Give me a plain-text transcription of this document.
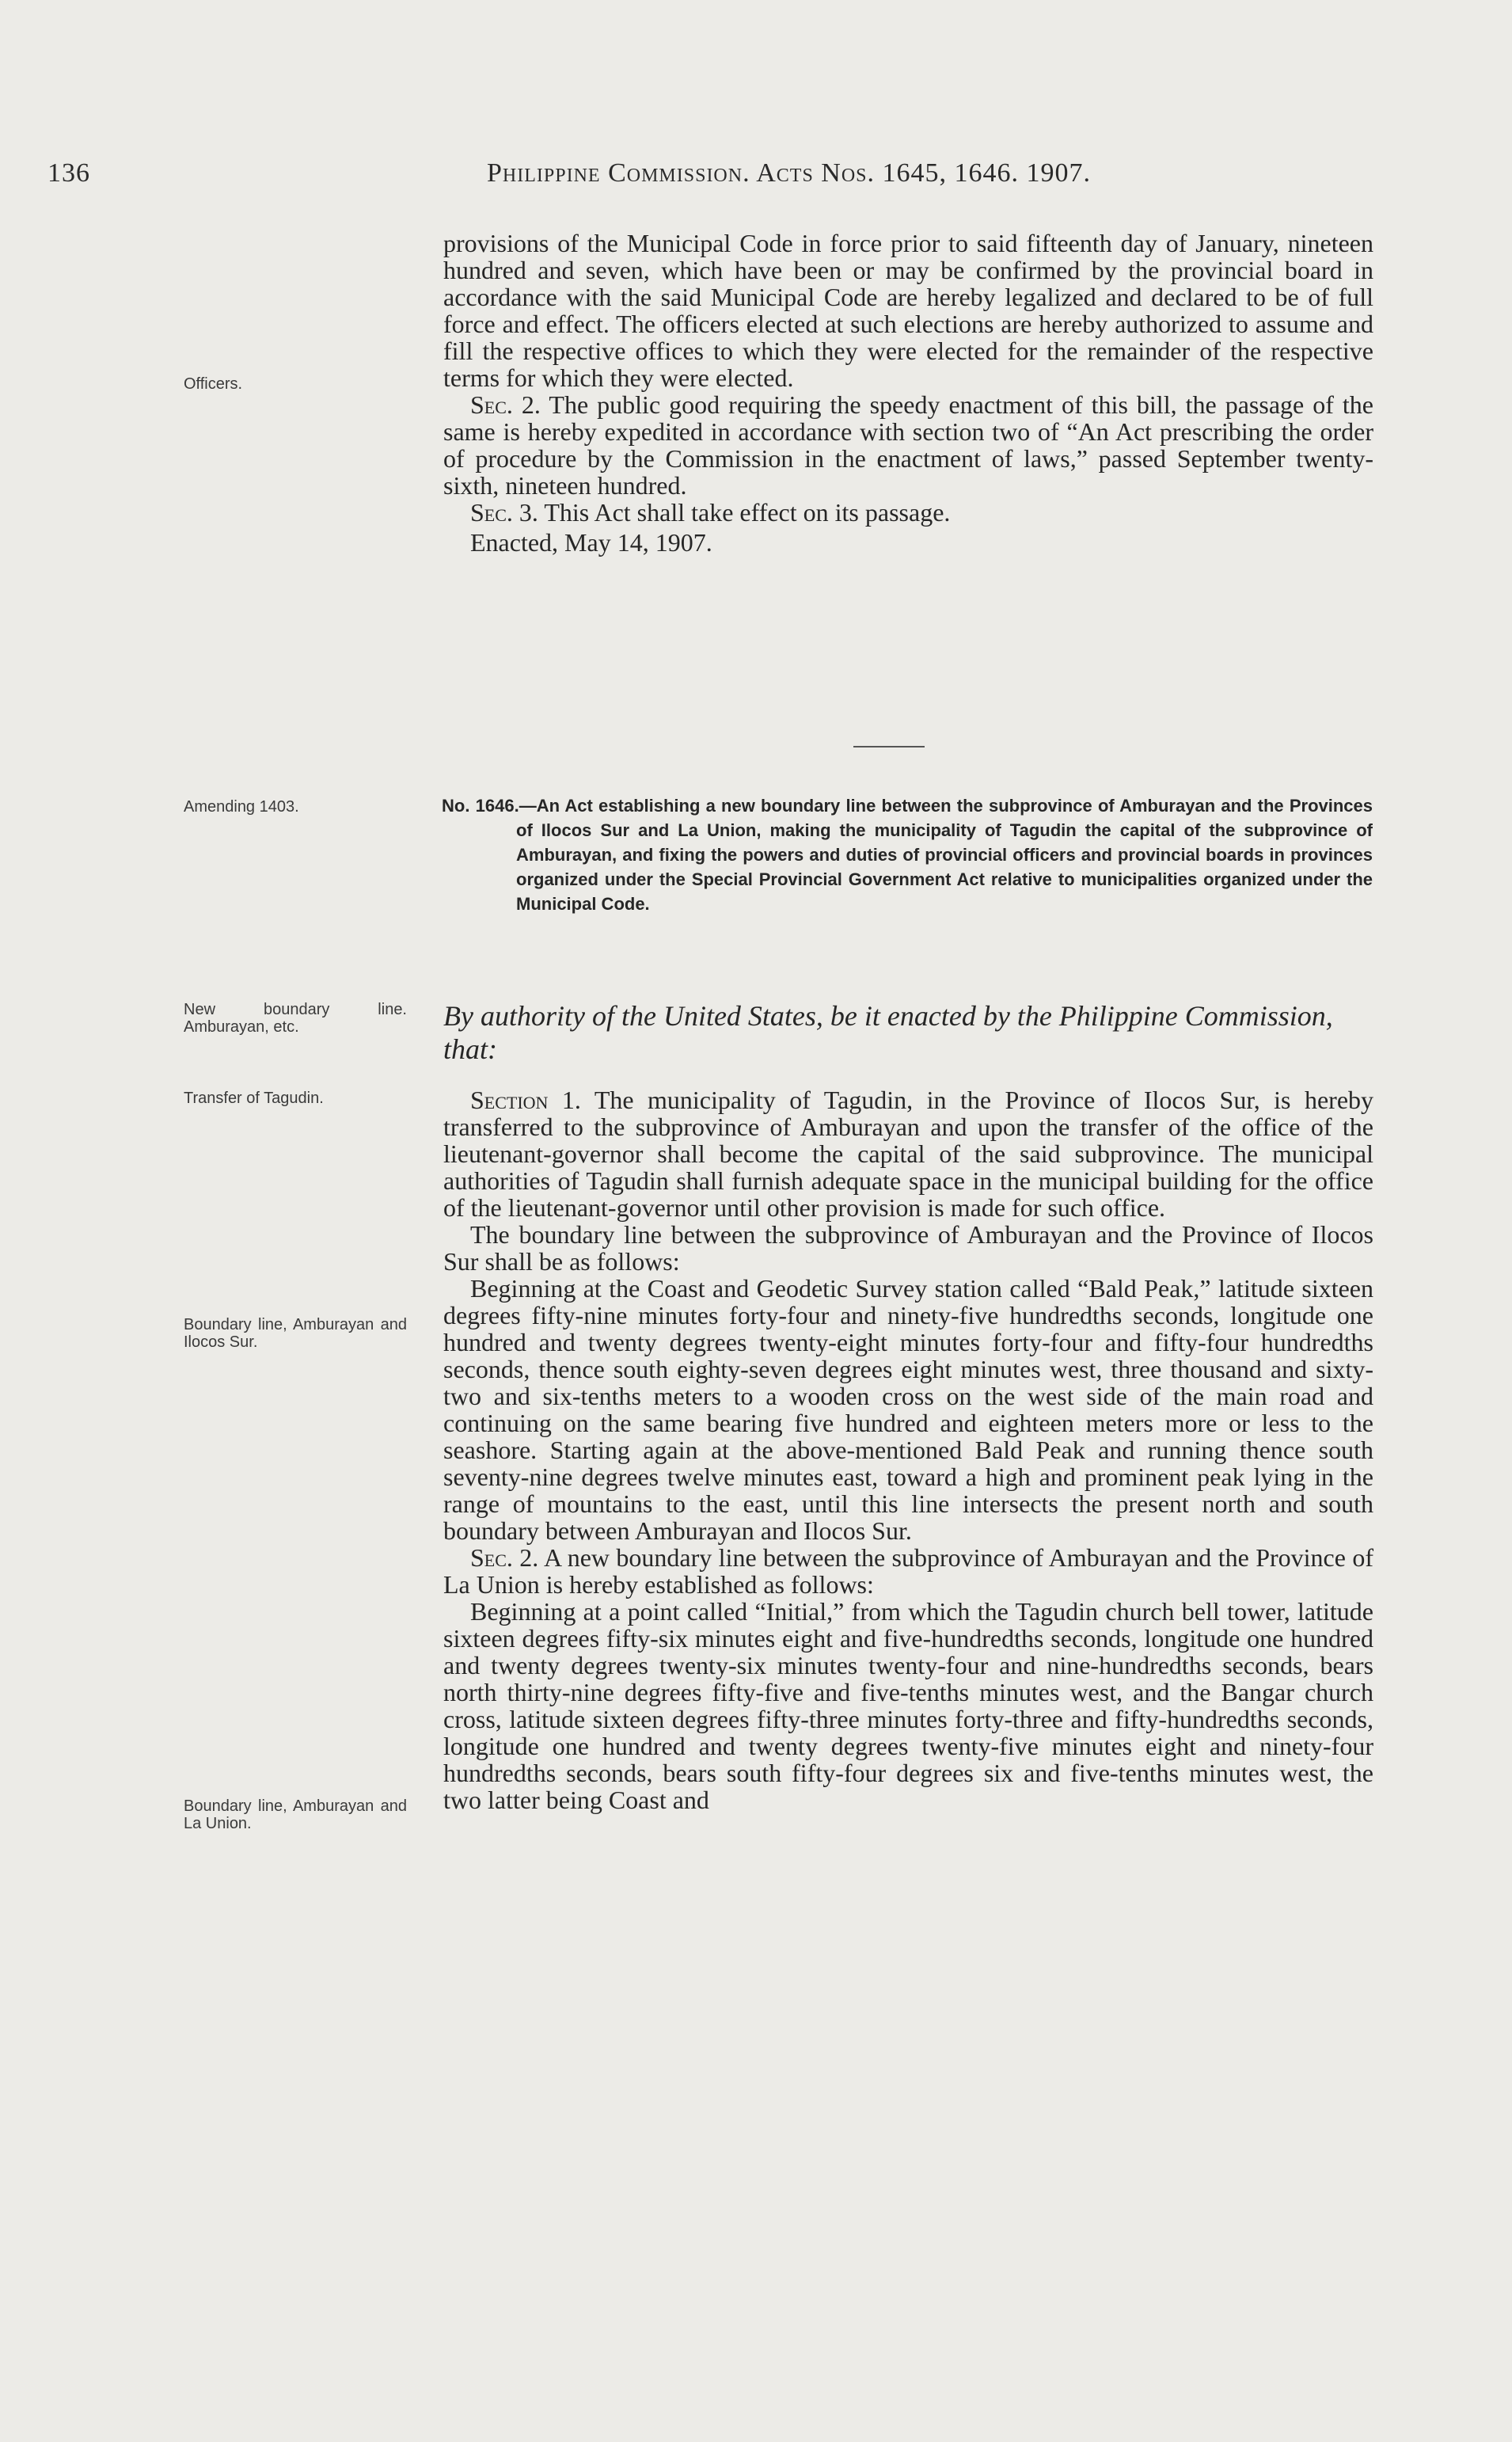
136	Philippine Commission. Acts Nos. 1645, 1646. 1907.

provisions of the Municipal Code in force prior to said fifteenth day of January, nineteen hundred and seven, which have been or may be confirmed by the provincial board in accordance with the said Municipal Code are hereby legalized and declared to be of full force and effect. The officers elected at such elections are hereby authorized to assume and fill the respective offices to which they were elected for the remainder of the respective terms for which they were elected.

Sec. 2. The public good requiring the speedy enactment of this bill, the passage of the same is hereby expedited in accordance with section two of “An Act prescribing the order of procedure by the Commission in the enactment of laws,” passed September twenty-sixth, nineteen hundred.

Sec. 3. This Act shall take effect on its passage.

Enacted, May 14, 1907.

Officers.
Amending 1403.	No. 1646.—An Act establishing a new boundary line between the subprovince of Amburayan and the Provinces of Ilocos Sur and La Union, making the municipality of Tagudin the capital of the subprovince of Amburayan, and fixing the powers and duties of provincial officers and provincial boards in provinces organized under the Special Provincial Government Act relative to municipalities organized under the Municipal Code.
New boundary line. Amburayan, etc.	By authority of the United States, be it enacted by the Philippine Commission, that:
Transfer of Tagudin.
Boundary line, Amburayan and Ilocos Sur.
Boundary line, Amburayan and La Union.

Section 1. The municipality of Tagudin, in the Province of Ilocos Sur, is hereby transferred to the subprovince of Amburayan and upon the transfer of the office of the lieutenant-governor shall become the capital of the said subprovince. The municipal authorities of Tagudin shall furnish adequate space in the municipal building for the office of the lieutenant-governor until other provision is made for such office.

The boundary line between the subprovince of Amburayan and the Province of Ilocos Sur shall be as follows:

Beginning at the Coast and Geodetic Survey station called “Bald Peak,” latitude sixteen degrees fifty-nine minutes forty-four and ninety-five hundredths seconds, longitude one hundred and twenty degrees twenty-eight minutes forty-four and fifty-four hundredths seconds, thence south eighty-seven degrees eight minutes west, three thousand and sixty-two and six-tenths meters to a wooden cross on the west side of the main road and continuing on the same bearing five hundred and eighteen meters more or less to the seashore. Starting again at the above-mentioned Bald Peak and running thence south seventy-nine degrees twelve minutes east, toward a high and prominent peak lying in the range of mountains to the east, until this line intersects the present north and south boundary between Amburayan and Ilocos Sur.

Sec. 2. A new boundary line between the subprovince of Amburayan and the Province of La Union is hereby established as follows:

Beginning at a point called “Initial,” from which the Tagudin church bell tower, latitude sixteen degrees fifty-six minutes eight and five-hundredths seconds, longitude one hundred and twenty degrees twenty-six minutes twenty-four and nine-hundredths seconds, bears north thirty-nine degrees fifty-five and five-tenths minutes west, and the Bangar church cross, latitude sixteen degrees fifty-three minutes forty-three and fifty-hundredths seconds, longitude one hundred and twenty degrees twenty-five minutes eight and ninety-four hundredths seconds, bears south fifty-four degrees six and five-tenths minutes west, the two latter being Coast and
